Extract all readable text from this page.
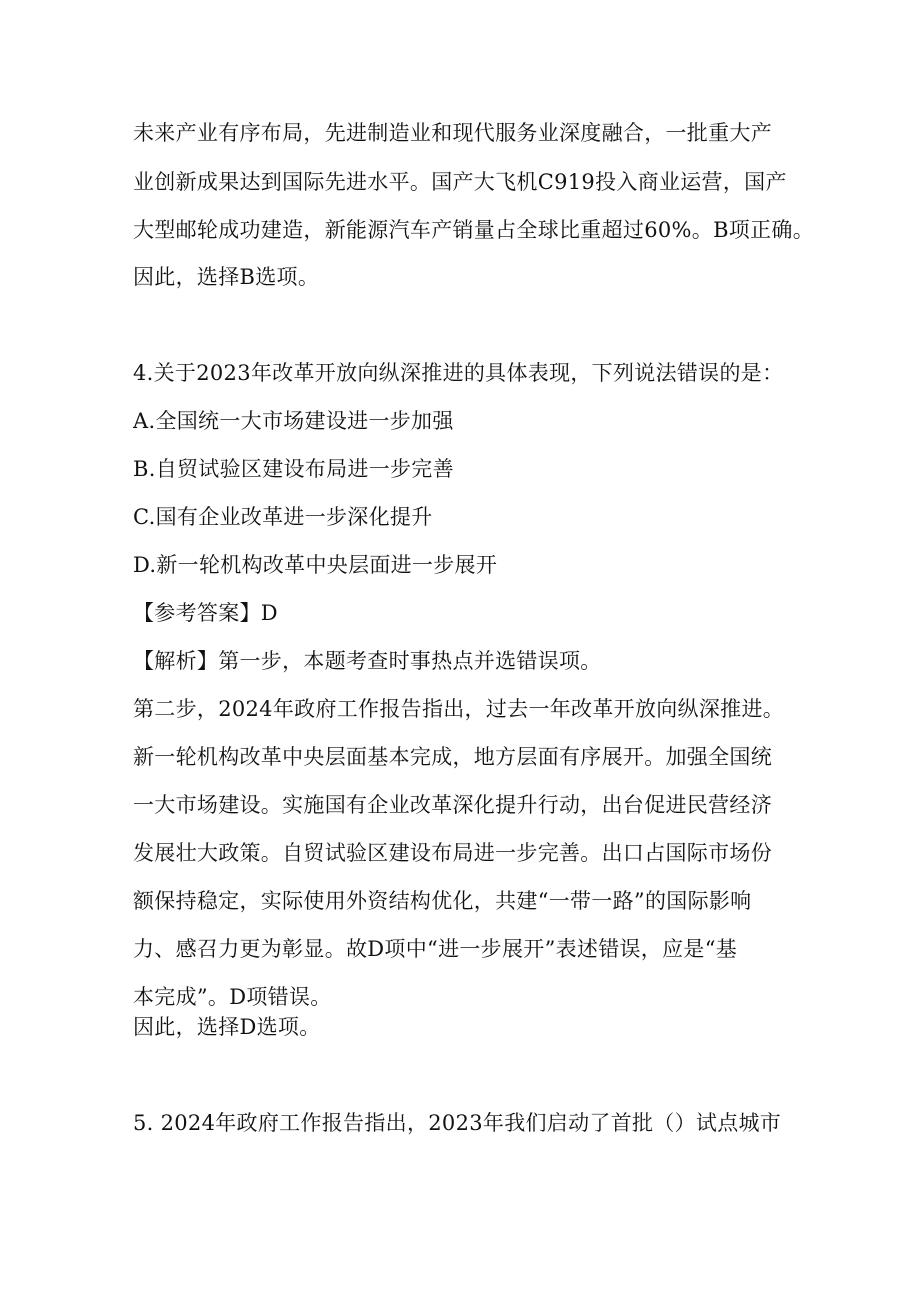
未来产业有序布局，先进制造业和现代服务业深度融合，一批重大产
业创新成果达到国际先进水平。国产大飞机C919投入商业运营，国产
大型邮轮成功建造，新能源汽车产销量占全球比重超过60%。B项正确。
因此，选择B选项。
4.关于2023年改革开放向纵深推进的具体表现，下列说法错误的是：
A.全国统一大市场建设进一步加强
B.自贸试验区建设布局进一步完善
C.国有企业改革进一步深化提升
D.新一轮机构改革中央层面进一步展开
【参考答案】D
【解析】第一步，本题考查时事热点并选错误项。
第二步，2024年政府工作报告指出，过去一年改革开放向纵深推进。
新一轮机构改革中央层面基本完成，地方层面有序展开。加强全国统
一大市场建设。实施国有企业改革深化提升行动，出台促进民营经济
发展壮大政策。自贸试验区建设布局进一步完善。出口占国际市场份
额保持稳定，实际使用外资结构优化，共建“一带一路”的国际影响
力、感召力更为彰显。故D项中“进一步展开”表述错误，应是“基
本完成”。D项错误。
因此，选择D选项。
5. 2024年政府工作报告指出，2023年我们启动了首批（）试点城市
